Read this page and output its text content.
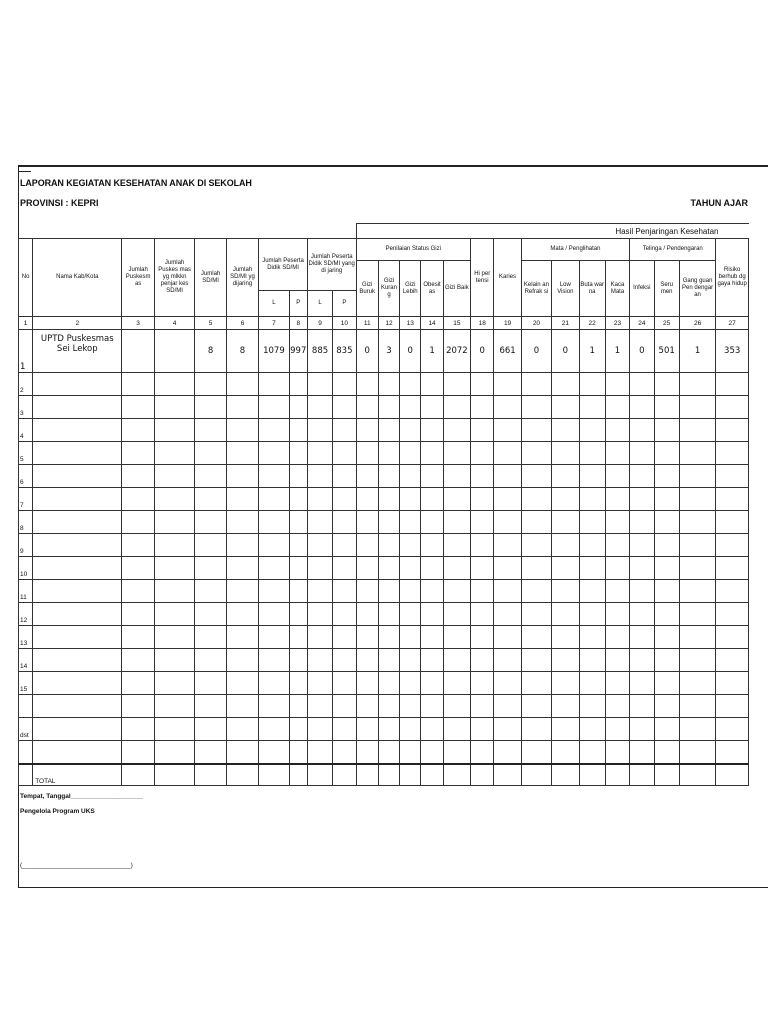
LAPORAN KEGIATAN KESEHATAN ANAK DI SEKOLAH
PROVINSI : KEPRI	TAHUN AJAR
										Hasil Penjaringan Kesehatan														
No	Nama Kab/Kota	Jumlah Puskesm as	Jumlah Puskes mas yg mlkkn penjar kes SD/MI	Jumlah SD/MI	Jumlah SD/MI yg dijaring	Jumlah Peserta Didik SD/MI		Jumlah Peserta Didik SD/MI yang di jaring		Penilaian Status Gizi					Hi per tensi	Karies	Mata / Penglihatan				Telinga / Pendengaran			Risiko berhub dg gaya hidup
										Gizi Buruk	Gizi Kuran g	Gizi Lebih	Obesit as	Gizi Baik			Kelain an Refrak si	Low Vision	Buta war na	Kaca Mata	Infeksi	Seru men	Gang guan Pen dengar an	
						L	P	L	P															
1	2	3	4	5	6	7	8	9	10	11	12	13	14	15	18	19	20	21	22	23	24	25	26	27
1	UPTD Puskesmas Sei Lekop			8	8	1079	997	885	835	0	3	0	1	2072	0	661	0	0	1	1	0	501	1	353
2																								
3																								
4																								
5																								
6																								
7																								
8																								
9																								
10																								
11																								
12																								
13																								
14																								
15																								

dst																								

	TOTAL																							
Tempat, Tanggal____________________
Pengelola Program UKS
(______________________________)
